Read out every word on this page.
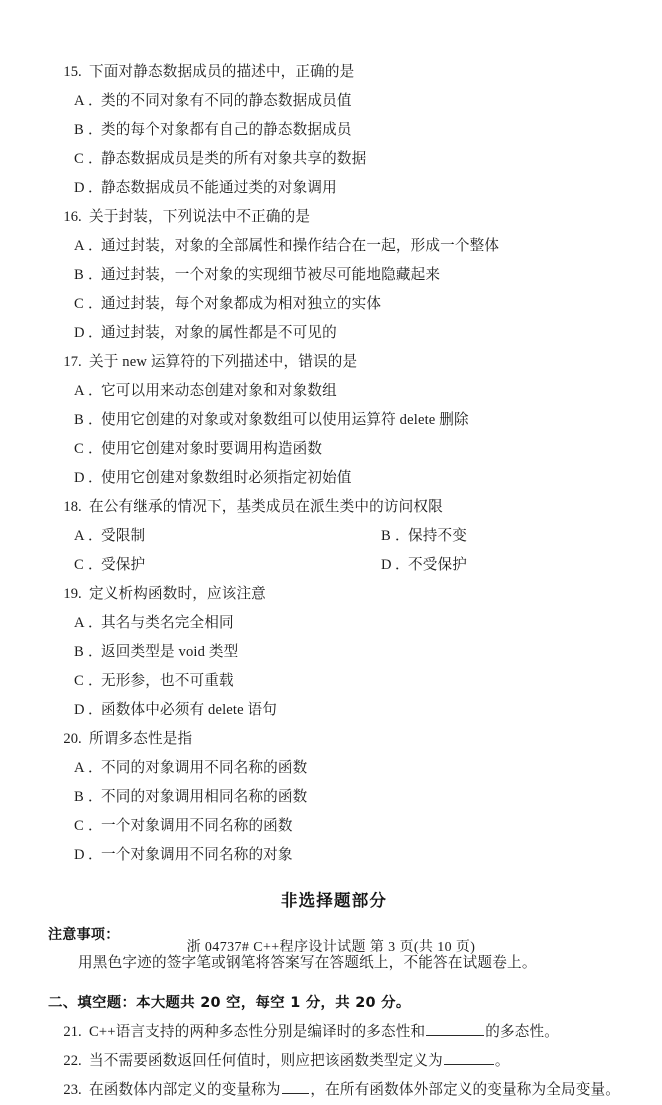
15 . 下面对静态数据成员的描述中，正确的是
A ．
类的不同对象有不同的静态数据成员值
B ．
类的每个对象都有自己的静态数据成员
C ．
静态数据成员是类的所有对象共享的数据
D ．
静态数据成员不能通过类的对象调用
16 . 关于封装，下列说法中不正确的是
A ．
通过封装，对象的全部属性和操作结合在一起，形成一个整体
B ．
通过封装，一个对象的实现细节被尽可能地隐藏起来
C ．
通过封装，每个对象都成为相对独立的实体
D ．
通过封装，对象的属性都是不可见的
17 . 关于 new 运算符的下列描述中，错误的是
A ．
它可以用来动态创建对象和对象数组
B ．
使用它创建的对象或对象数组可以使用运算符 delete 删除
C ．
使用它创建对象时要调用构造函数
D ．
使用它创建对象数组时必须指定初始值
18 . 在公有继承的情况下，基类成员在派生类中的访问权限
A ．
受限制	B ．
保持不变
C ．
受保护	D ．
不受保护
19 . 定义析构函数时，应该注意
A ．
其名与类名完全相同
B ．
返回类型是 void 类型
C ．
无形参，也不可重载
D ．
函数体中必须有 delete 语句
20 . 所谓多态性是指
A ．
不同的对象调用不同名称的函数
B ．
不同的对象调用相同名称的函数
C ．
一个对象调用不同名称的函数
D ．
一个对象调用不同名称的对象
非选择题部分
注意事项：
用黑色字迹的签字笔或钢笔将答案写在答题纸上，不能答在试题卷上。
二、填空题：本大题共 20 空，每空 1 分，共 20 分。
21 . C++语言支持的两种多态性分别是编译时的多态性和	的多态性。
22 . 当不需要函数返回任何值时，则应把该函数类型定义为	。
23 . 在函数体内部定义的变量称为 ，在所有函数体外部定义的变量称为全局变量。
浙 04737# C++程序设计试题 第 3 页(共 10 页)
